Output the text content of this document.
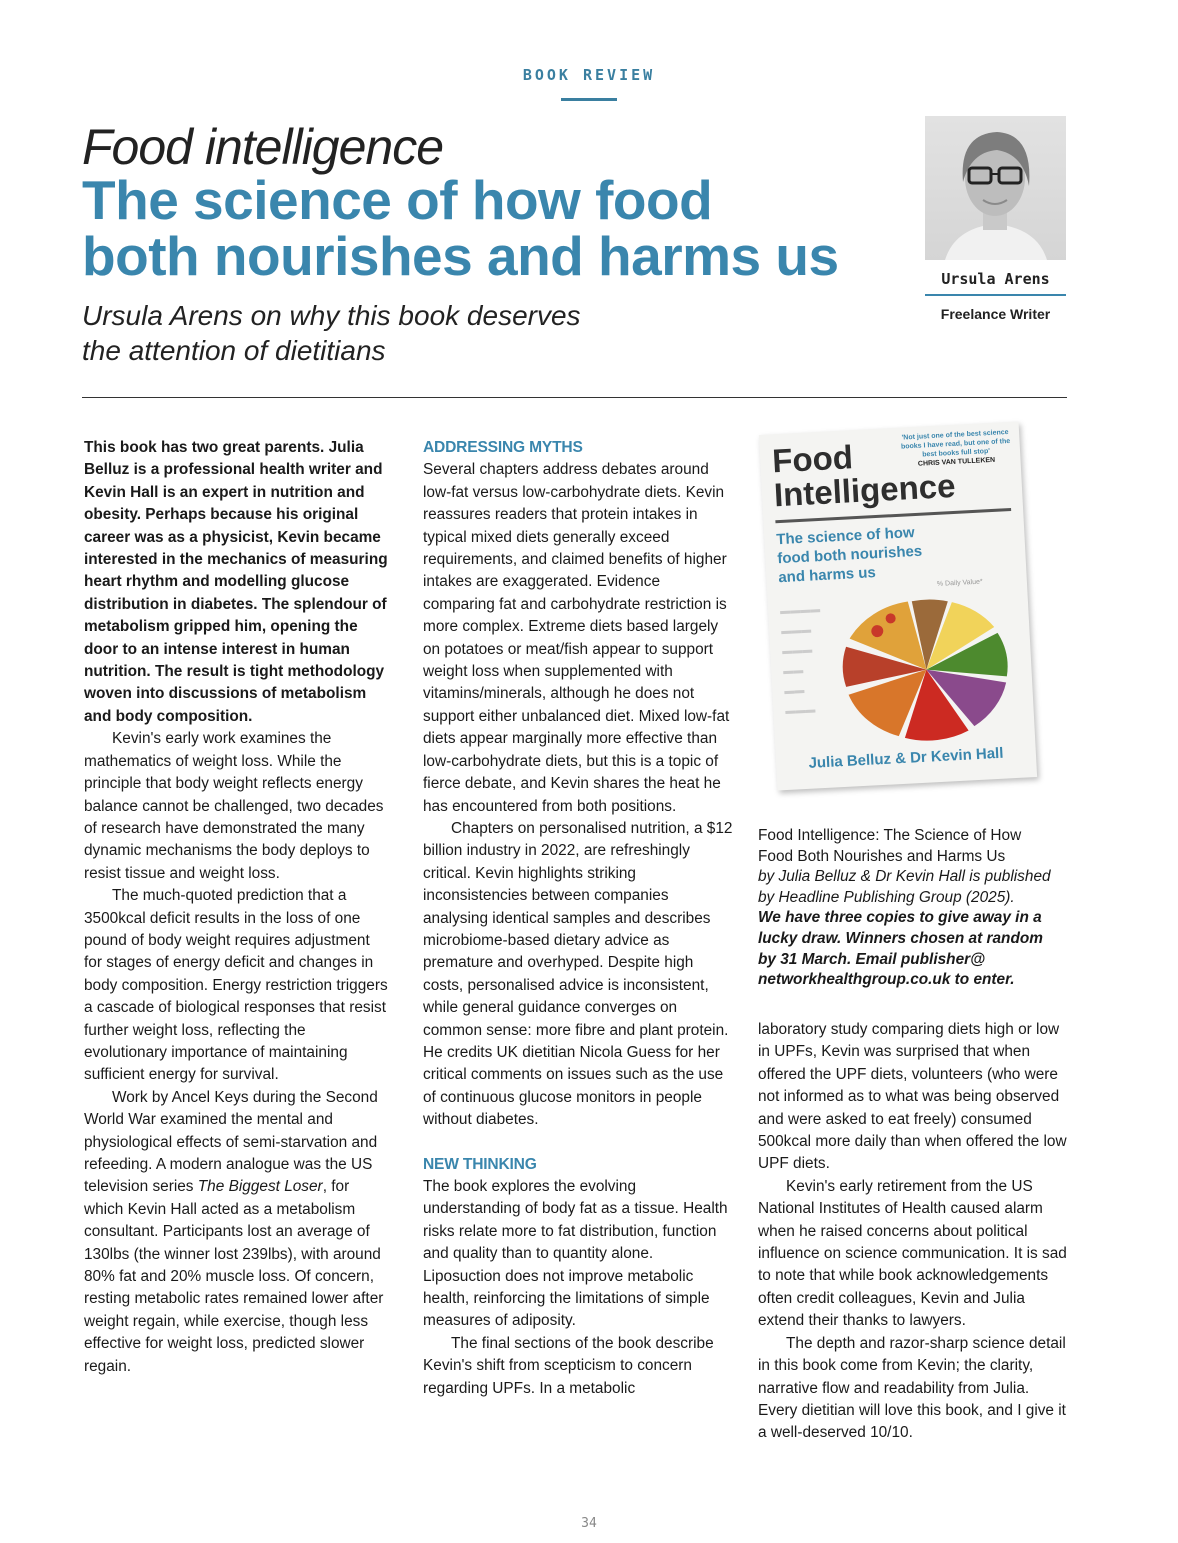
BOOK REVIEW
Food intelligence
The science of how food
both nourishes and harms us
Ursula Arens on why this book deserves
the attention of dietitians
Ursula Arens
Freelance Writer

This book has two great parents. Julia Belluz is a professional health writer and Kevin Hall is an expert in nutrition and obesity. Perhaps because his original career was as a physicist, Kevin became interested in the mechanics of measuring heart rhythm and modelling glucose distribution in diabetes. The splendour of metabolism gripped him, opening the door to an intense interest in human nutrition. The result is tight methodology woven into discussions of metabolism and body composition.

Kevin's early work examines the mathematics of weight loss. While the principle that body weight reflects energy balance cannot be challenged, two decades of research have demonstrated the many dynamic mechanisms the body deploys to resist tissue and weight loss.

The much-quoted prediction that a 3500kcal deficit results in the loss of one pound of body weight requires adjustment for stages of energy deficit and changes in body composition. Energy restriction triggers a cascade of biological responses that resist further weight loss, reflecting the evolutionary importance of maintaining sufficient energy for survival.

Work by Ancel Keys during the Second World War examined the mental and physiological effects of semi-starvation and refeeding. A modern analogue was the US television series The Biggest Loser, for which Kevin Hall acted as a metabolism consultant. Participants lost an average of 130lbs (the winner lost 239lbs), with around 80% fat and 20% muscle loss. Of concern, resting metabolic rates remained lower after weight regain, while exercise, though less effective for weight loss, predicted slower regain.

ADDRESSING MYTHS

Several chapters address debates around low-fat versus low-carbohydrate diets. Kevin reassures readers that protein intakes in typical mixed diets generally exceed requirements, and claimed benefits of higher intakes are exaggerated. Evidence comparing fat and carbohydrate restriction is more complex. Extreme diets based largely on potatoes or meat/fish appear to support weight loss when supplemented with vitamins/minerals, although he does not support either unbalanced diet. Mixed low-fat diets appear marginally more effective than low-carbohydrate diets, but this is a topic of fierce debate, and Kevin shares the heat he has encountered from both positions.

Chapters on personalised nutrition, a $12 billion industry in 2022, are refreshingly critical. Kevin highlights striking inconsistencies between companies analysing identical samples and describes microbiome-based dietary advice as premature and overhyped. Despite high costs, personalised advice is inconsistent, while general guidance converges on common sense: more fibre and plant protein. He credits UK dietitian Nicola Guess for her critical comments on issues such as the use of continuous glucose monitors in people without diabetes.

NEW THINKING

The book explores the evolving understanding of body fat as a tissue. Health risks relate more to fat distribution, function and quality than to quantity alone. Liposuction does not improve metabolic health, reinforcing the limitations of simple measures of adiposity.

The final sections of the book describe Kevin's shift from scepticism to concern regarding UPFs. In a metabolic

Food
Intelligence
'Not just one of the best science books I have read, but one of the best books full stop'
CHRIS VAN TULLEKEN
The science of how
food both nourishes
and harms us	% Daily Value*
▬▬▬▬
▬▬▬
▬▬▬
▬▬
▬▬
▬▬▬
Julia Belluz & Dr Kevin Hall
Food Intelligence: The Science of How
Food Both Nourishes and Harms Us
by Julia Belluz & Dr Kevin Hall is published
by Headline Publishing Group (2025).
We have three copies to give away in a
lucky draw. Winners chosen at random
by 31 March. Email publisher@
networkhealthgroup.co.uk to enter.

laboratory study comparing diets high or low in UPFs, Kevin was surprised that when offered the UPF diets, volunteers (who were not informed as to what was being observed and were asked to eat freely) consumed 500kcal more daily than when offered the low UPF diets.

Kevin's early retirement from the US National Institutes of Health caused alarm when he raised concerns about political influence on science communication. It is sad to note that while book acknowledgements often credit colleagues, Kevin and Julia extend their thanks to lawyers.

The depth and razor-sharp science detail in this book come from Kevin; the clarity, narrative flow and readability from Julia. Every dietitian will love this book, and I give it a well-deserved 10/10.

34
